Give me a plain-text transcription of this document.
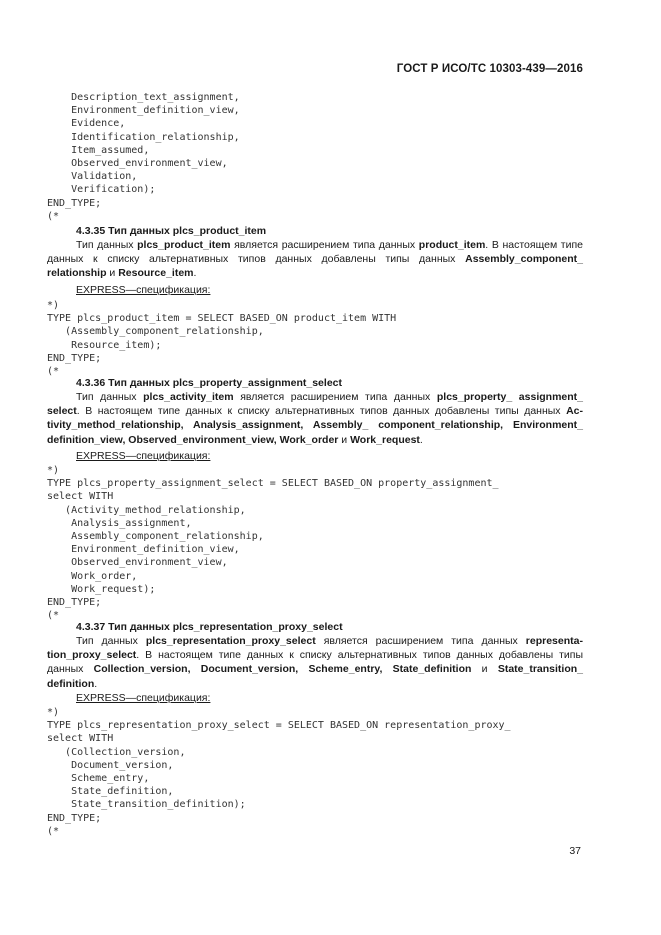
ГОСТ Р ИСО/ТС 10303-439—2016
Description_text_assignment,
Environment_definition_view,
Evidence,
Identification_relationship,
Item_assumed,
Observed_environment_view,
Validation,
Verification);
END_TYPE;
(*
4.3.35 Тип данных plcs_product_item

Тип данных plcs_product_item является расширением типа данных product_item. В настоящем типе данных к списку альтернативных типов данных добавлены типы данных Assembly_component_ relationship и Resource_item.

EXPRESS—спецификация:
*)
TYPE plcs_product_item = SELECT BASED_ON product_item WITH
(Assembly_component_relationship,
Resource_item);
END_TYPE;
(*
4.3.36 Тип данных plcs_property_assignment_select

Тип данных plcs_activity_item является расширением типа данных plcs_property_ assignment_ select. В настоящем типе данных к списку альтернативных типов данных добавлены типы данных Ac-tivity_method_relationship, Analysis_assignment, Assembly_ component_relationship, Environment_ definition_view, Observed_environment_view, Work_order и Work_request.

EXPRESS—спецификация:
*)
TYPE plcs_property_assignment_select = SELECT BASED_ON property_assignment_
select WITH
(Activity_method_relationship,
Analysis_assignment,
Assembly_component_relationship,
Environment_definition_view,
Observed_environment_view,
Work_order,
Work_request);
END_TYPE;
(*
4.3.37 Тип данных plcs_representation_proxy_select

Тип данных plcs_representation_proxy_select является расширением типа данных representa-tion_proxy_select. В настоящем типе данных к списку альтернативных типов данных добавлены типы данных Collection_version, Document_version, Scheme_entry, State_definition и State_transition_ definition.

EXPRESS—спецификация:
*)
TYPE plcs_representation_proxy_select = SELECT BASED_ON representation_proxy_
select WITH
(Collection_version,
Document_version,
Scheme_entry,
State_definition,
State_transition_definition);
END_TYPE;
(*
37
